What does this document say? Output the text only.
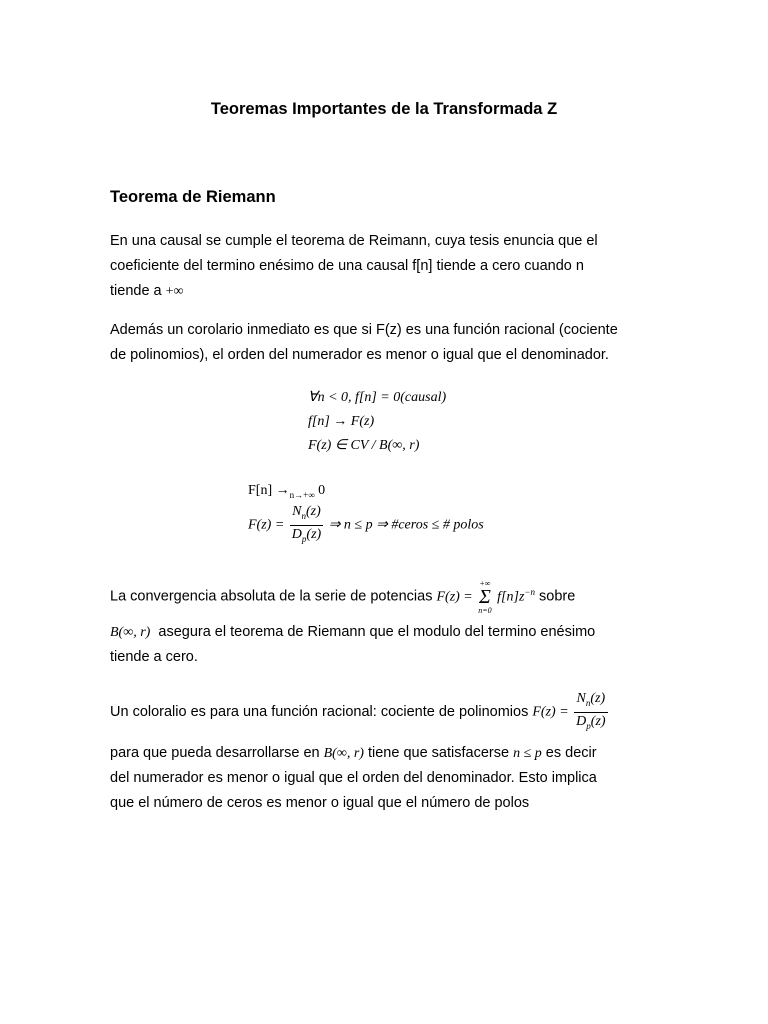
Teoremas Importantes de la Transformada Z
Teorema de Riemann
En una causal se cumple el teorema de Reimann, cuya tesis enuncia que el
coeficiente del termino enésimo de una causal f[n] tiende a cero cuando n
tiende a +∞
Además un corolario inmediato es que si F(z) es una función racional (cociente
de polinomios), el orden del numerador es menor o igual que el denominador.
∀n < 0, f[n] = 0(causal)
f[n] → F(z)
F(z) ∈ CV / B(∞, r)
$F[n] \to_{n\to+\infty}$ 0
$F(z) = \frac{N_n(z)}{D_p(z)}$ ⇒ n ≤ p ⇒ #ceros ≤ # polos
La convergencia absoluta de la serie de potencias F(z) =
+∞
Σ
n=0
$f[n]z^{-n}$ sobre
B(∞, r) asegura el teorema de Riemann que el modulo del termino enésimo
tiende a cero.
Un coloralio es para una función racional: cociente de polinomios $F(z) = \frac{N_n(z)}{D_p(z)}$
para que pueda desarrollarse en B(∞, r) tiene que satisfacerse n ≤ p es decir
del numerador es menor o igual que el orden del denominador. Esto implica
que el número de ceros es menor o igual que el número de polos
